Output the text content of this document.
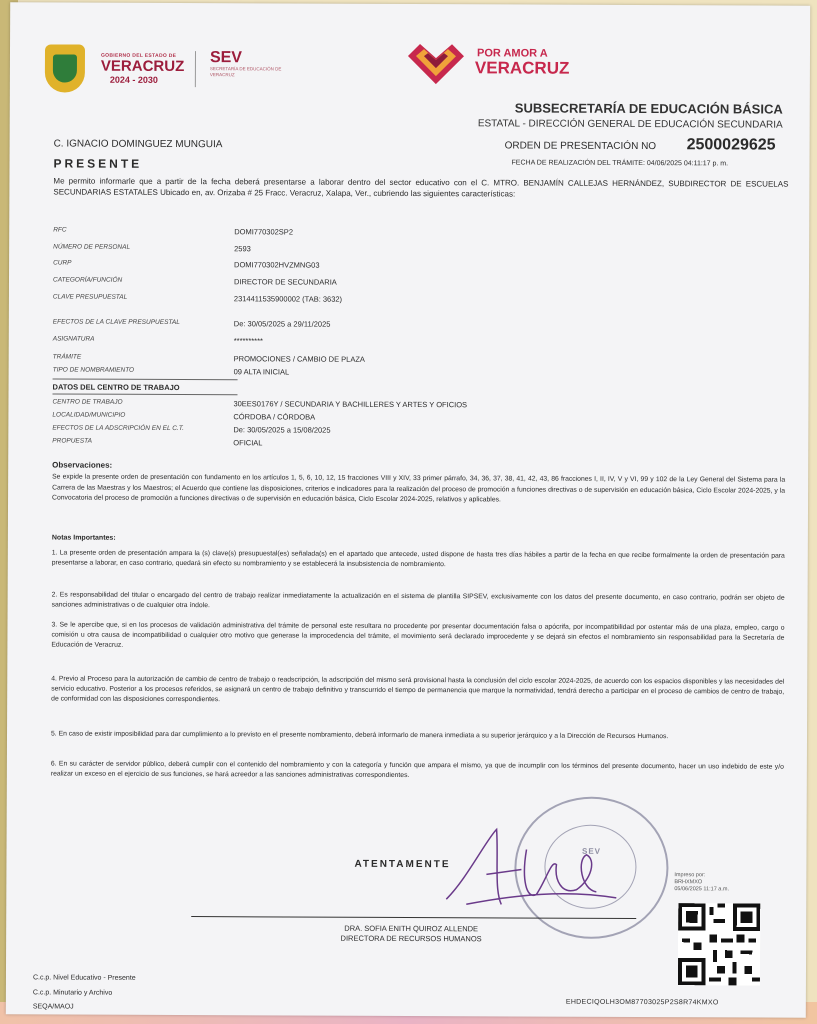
GOBIERNO DEL ESTADO DE
VERACRUZ
2024 - 2030
SEV
SECRETARÍA DE EDUCACIÓN DE VERACRUZ
POR AMOR A
VERACRUZ
SUBSECRETARÍA DE EDUCACIÓN BÁSICA
ESTATAL - DIRECCIÓN GENERAL DE EDUCACIÓN SECUNDARIA
ORDEN DE PRESENTACIÓN NO 2500029625
FECHA DE REALIZACIÓN DEL TRÁMITE: 04/06/2025 04:11:17 p. m.
C. IGNACIO DOMINGUEZ MUNGUIA
PRESENTE
Me permito informarle que a partir de la fecha deberá presentarse a laborar dentro del sector educativo con el C. MTRO. BENJAMÍN CALLEJAS HERNÁNDEZ, SUBDIRECTOR DE ESCUELAS SECUNDARIAS ESTATALES Ubicado en, av. Orizaba # 25 Fracc. Veracruz, Xalapa, Ver., cubriendo las siguientes características:
RFC	DOMI770302SP2
NÚMERO DE PERSONAL	2593
CURP	DOMI770302HVZMNG03
CATEGORÍA/FUNCIÓN	DIRECTOR DE SECUNDARIA
CLAVE PRESUPUESTAL	2314411535900002 (TAB: 3632)
EFECTOS DE LA CLAVE PRESUPUESTAL	De: 30/05/2025 a 29/11/2025
ASIGNATURA	**********
TRÁMITE	PROMOCIONES / CAMBIO DE PLAZA
TIPO DE NOMBRAMIENTO	09 ALTA INICIAL
DATOS DEL CENTRO DE TRABAJO
CENTRO DE TRABAJO	30EES0176Y / SECUNDARIA Y BACHILLERES Y ARTES Y OFICIOS
LOCALIDAD/MUNICIPIO	CÓRDOBA / CÓRDOBA
EFECTOS DE LA ADSCRIPCIÓN EN EL C.T.	De: 30/05/2025 a 15/08/2025
PROPUESTA	OFICIAL
Observaciones:
Se expide la presente orden de presentación con fundamento en los artículos 1, 5, 6, 10, 12, 15 fracciones VIII y XIV, 33 primer párrafo, 34, 36, 37, 38, 41, 42, 43, 86 fracciones I, II, IV, V y VI, 99 y 102 de la Ley General del Sistema para la Carrera de las Maestras y los Maestros; el Acuerdo que contiene las disposiciones, criterios e indicadores para la realización del proceso de promoción a funciones directivas o de supervisión en educación básica, Ciclo Escolar 2024-2025, y la Convocatoria del proceso de promoción a funciones directivas o de supervisión en educación básica, Ciclo Escolar 2024-2025, relativos y aplicables.
Notas Importantes:
1. La presente orden de presentación ampara la (s) clave(s) presupuestal(es) señalada(s) en el apartado que antecede, usted dispone de hasta tres días hábiles a partir de la fecha en que recibe formalmente la orden de presentación para presentarse a laborar, en caso contrario, quedará sin efecto su nombramiento y se establecerá la insubsistencia de nombramiento.
2. Es responsabilidad del titular o encargado del centro de trabajo realizar inmediatamente la actualización en el sistema de plantilla SIPSEV, exclusivamente con los datos del presente documento, en caso contrario, podrán ser objeto de sanciones administrativas o de cualquier otra índole.
3. Se le apercibe que, si en los procesos de validación administrativa del trámite de personal este resultara no procedente por presentar documentación falsa o apócrifa, por incompatibilidad por ostentar más de una plaza, empleo, cargo o comisión u otra causa de incompatibilidad o cualquier otro motivo que generase la improcedencia del trámite, el movimiento será declarado improcedente y se dejará sin efectos el nombramiento sin responsabilidad para la Secretaría de Educación de Veracruz.
4. Previo al Proceso para la autorización de cambio de centro de trabajo o readscripción, la adscripción del mismo será provisional hasta la conclusión del ciclo escolar 2024-2025, de acuerdo con los espacios disponibles y las necesidades del servicio educativo. Posterior a los procesos referidos, se asignará un centro de trabajo definitivo y transcurrido el tiempo de permanencia que marque la normatividad, tendrá derecho a participar en el proceso de cambios de centro de trabajo, de conformidad con las disposiciones correspondientes.
5. En caso de existir imposibilidad para dar cumplimiento a lo previsto en el presente nombramiento, deberá informarlo de manera inmediata a su superior jerárquico y a la Dirección de Recursos Humanos.
6. En su carácter de servidor público, deberá cumplir con el contenido del nombramiento y con la categoría y función que ampara el mismo, ya que de incumplir con los términos del presente documento, hacer un uso indebido de este y/o realizar un exceso en el ejercicio de sus funciones, se hará acreedor a las sanciones administrativas correspondientes.
SEV
ATENTAMENTE
DRA. SOFIA ENITH QUIROZ ALLENDE
DIRECTORA DE RECURSOS HUMANOS
Impreso por:
BRHXMXO
05/06/2025 11:17 a.m.
EHDECIQOLH3OM87703025P2S8R74KMXO
C.c.p. Nivel Educativo - Presente
C.c.p. Minutario y Archivo
SEQA/MAOJ
